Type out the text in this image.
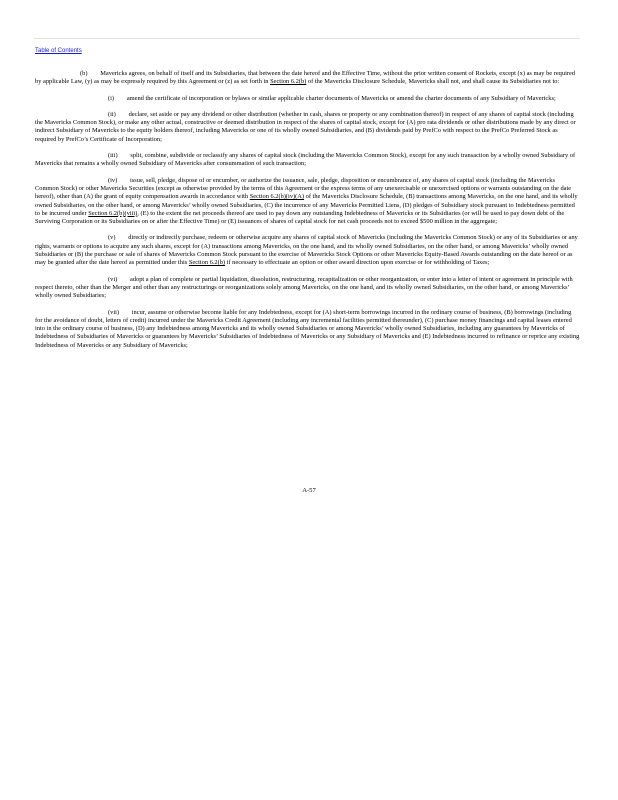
Table of Contents

(b)  Mavericks agrees, on behalf of itself and its Subsidiaries, that between the date hereof and the Effective Time, without the prior written consent of Rockets, except (x) as may be required by applicable Law, (y) as may be expressly required by this Agreement or (z) as set forth in Section 6.2(b) of the Mavericks Disclosure Schedule, Mavericks shall not, and shall cause its Subsidiaries not to:

(i)  amend the certificate of incorporation or bylaws or similar applicable charter documents of Mavericks or amend the charter documents of any Subsidiary of Mavericks;

(ii)  declare, set aside or pay any dividend or other distribution (whether in cash, shares or property or any combination thereof) in respect of any shares of capital stock (including the Mavericks Common Stock), or make any other actual, constructive or deemed distribution in respect of the shares of capital stock, except for (A) pro rata dividends or other distributions made by any direct or indirect Subsidiary of Mavericks to the equity holders thereof, including Mavericks or one of its wholly owned Subsidiaries, and (B) dividends paid by PrefCo with respect to the PrefCo Preferred Stock as required by PrefCo’s Certificate of Incorporation;

(iii)  split, combine, subdivide or reclassify any shares of capital stock (including the Mavericks Common Stock), except for any such transaction by a wholly owned Subsidiary of Mavericks that remains a wholly owned Subsidiary of Mavericks after consummation of such transaction;

(iv)  issue, sell, pledge, dispose of or encumber, or authorize the issuance, sale, pledge, disposition or encumbrance of, any shares of capital stock (including the Mavericks Common Stock) or other Mavericks Securities (except as otherwise provided by the terms of this Agreement or the express terms of any unexercisable or unexercised options or warrants outstanding on the date hereof), other than (A) the grant of equity compensation awards in accordance with Section 6.2(b)(iv)(A) of the Mavericks Disclosure Schedule, (B) transactions among Mavericks, on the one hand, and its wholly owned Subsidiaries, on the other hand, or among Mavericks’ wholly owned Subsidiaries, (C) the incurrence of any Mavericks Permitted Liens, (D) pledges of Subsidiary stock pursuant to Indebtedness permitted to be incurred under Section 6.2(b)(viii), (E) to the extent the net proceeds thereof are used to pay down any outstanding Indebtedness of Mavericks or its Subsidiaries (or will be used to pay down debt of the Surviving Corporation or its Subsidiaries on or after the Effective Time) or (E) issuances of shares of capital stock for net cash proceeds not to exceed $500 million in the aggregate;

(v)  directly or indirectly purchase, redeem or otherwise acquire any shares of capital stock of Mavericks (including the Mavericks Common Stock) or any of its Subsidiaries or any rights, warrants or options to acquire any such shares, except for (A) transactions among Mavericks, on the one hand, and its wholly owned Subsidiaries, on the other hand, or among Mavericks’ wholly owned Subsidiaries or (B) the purchase or sale of shares of Mavericks Common Stock pursuant to the exercise of Mavericks Stock Options or other Mavericks Equity-Based Awards outstanding on the date hereof or as may be granted after the date hereof as permitted under this Section 6.2(b) if necessary to effectuate an option or other award direction upon exercise or for withholding of Taxes;

(vi)  adopt a plan of complete or partial liquidation, dissolution, restructuring, recapitalization or other reorganization, or enter into a letter of intent or agreement in principle with respect thereto, other than the Merger and other than any restructurings or reorganizations solely among Mavericks, on the one hand, and its wholly owned Subsidiaries, on the other hand, or among Mavericks’ wholly owned Subsidiaries;

(vii)  incur, assume or otherwise become liable for any Indebtedness, except for (A) short-term borrowings incurred in the ordinary course of business, (B) borrowings (including for the avoidance of doubt, letters of credit) incurred under the Mavericks Credit Agreement (including any incremental facilities permitted thereunder), (C) purchase money financings and capital leases entered into in the ordinary course of business, (D) any Indebtedness among Mavericks and its wholly owned Subsidiaries or among Mavericks’ wholly owned Subsidiaries, including any guarantees by Mavericks of Indebtedness of Subsidiaries of Mavericks or guarantees by Mavericks’ Subsidiaries of Indebtedness of Mavericks or any Subsidiary of Mavericks and (E) Indebtedness incurred to refinance or reprice any existing Indebtedness of Mavericks or any Subsidiary of Mavericks;

A-57
